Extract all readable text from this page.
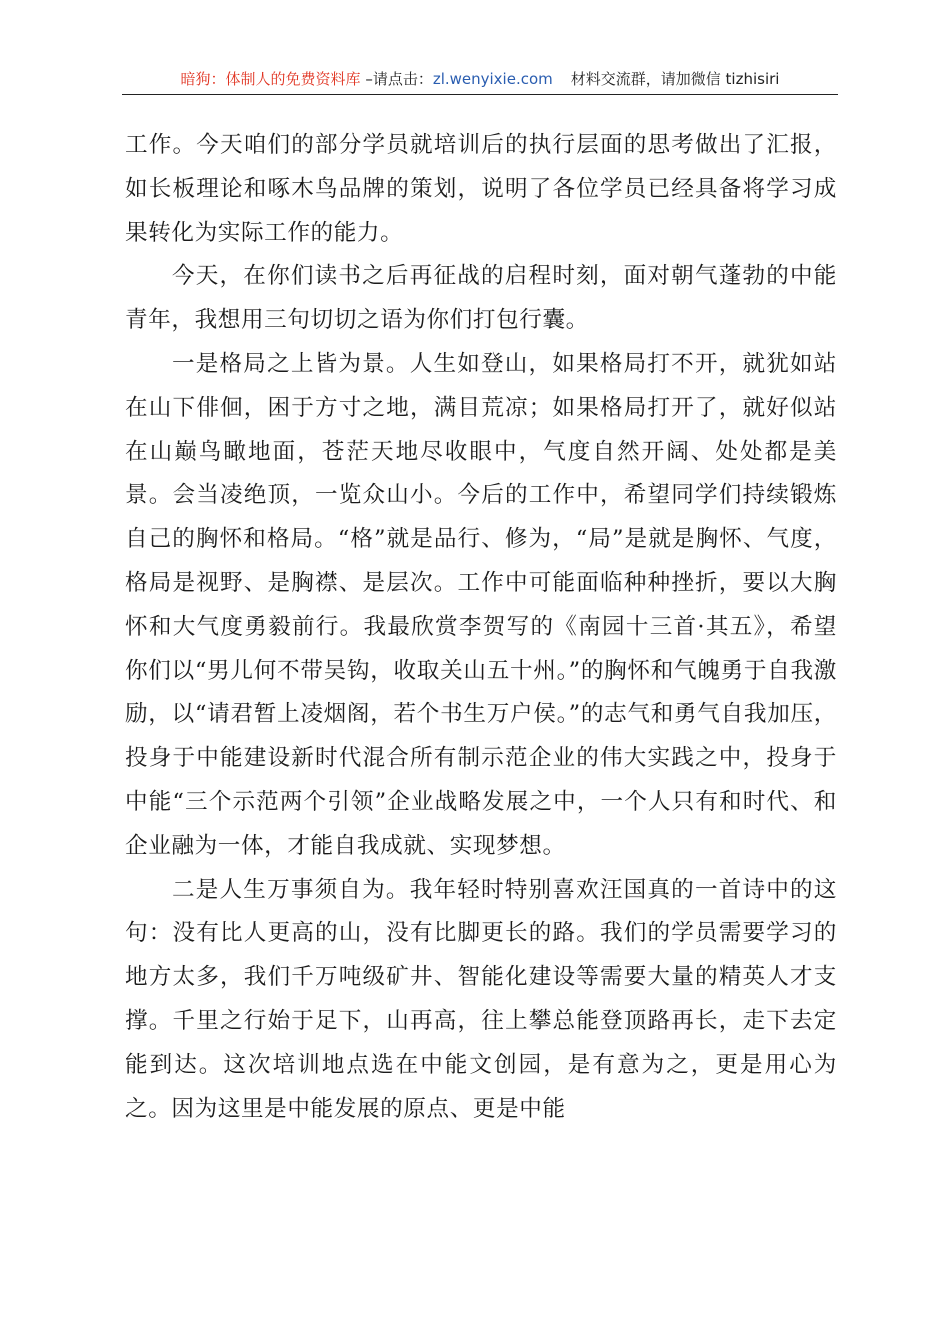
暗狗：体制人的免费资料库 –请点击：zl.wenyixie.com 材料交流群，请加微信 tizhisiri

工作。今天咱们的部分学员就培训后的执行层面的思考做出了汇报，如长板理论和啄木鸟品牌的策划，说明了各位学员已经具备将学习成果转化为实际工作的能力。

今天，在你们读书之后再征战的启程时刻，面对朝气蓬勃的中能青年，我想用三句切切之语为你们打包行囊。

一是格局之上皆为景。人生如登山，如果格局打不开，就犹如站在山下俳佪，困于方寸之地，满目荒凉；如果格局打开了，就好似站在山巅鸟瞰地面，苍茫天地尽收眼中，气度自然开阔、处处都是美景。会当凌绝顶，一览众山小。今后的工作中，希望同学们持续锻炼自己的胸怀和格局。“格”就是品行、修为，“局”是就是胸怀、气度，格局是视野、是胸襟、是层次。工作中可能面临种种挫折，要以大胸怀和大气度勇毅前行。我最欣赏李贺写的《南园十三首·其五》，希望你们以“男儿何不带吴钩，收取关山五十州。”的胸怀和气魄勇于自我激励，以“请君暂上凌烟阁，若个书生万户侯。”的志气和勇气自我加压，投身于中能建设新时代混合所有制示范企业的伟大实践之中，投身于中能“三个示范两个引领”企业战略发展之中，一个人只有和时代、和企业融为一体，才能自我成就、实现梦想。

二是人生万事须自为。我年轻时特别喜欢汪国真的一首诗中的这句：没有比人更高的山，没有比脚更长的路。我们的学员需要学习的地方太多，我们千万吨级矿井、智能化建设等需要大量的精英人才支撑。千里之行始于足下，山再高，往上攀总能登顶路再长，走下去定能到达。这次培训地点选在中能文创园，是有意为之，更是用心为之。因为这里是中能发展的原点、更是中能
